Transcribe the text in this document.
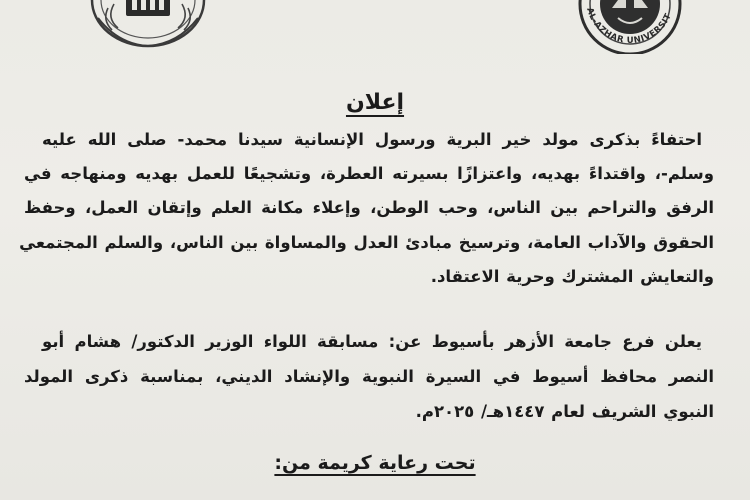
AL-AZHAR UNIVERSIT
إعلان
احتفاءً بذكرى مولد خير البرية ورسول الإنسانية سيدنا محمد- صلى الله عليه
وسلم-، واقتداءً بهديه، واعتزازًا بسيرته العطرة، وتشجيعًا للعمل بهديه ومنهاجه في
الرفق والتراحم بين الناس، وحب الوطن، وإعلاء مكانة العلم وإتقان العمل، وحفظ
الحقوق والآداب العامة، وترسيخ مبادئ العدل والمساواة بين الناس، والسلم المجتمعي
والتعايش المشترك وحرية الاعتقاد.
يعلن فرع جامعة الأزهر بأسيوط عن: مسابقة اللواء الوزير الدكتور/ هشام أبو
النصر محافظ أسيوط في السيرة النبوية والإنشاد الديني، بمناسبة ذكرى المولد
النبوي الشريف لعام ١٤٤٧هـ/ ٢٠٢٥م.
تحت رعاية كريمة من:
